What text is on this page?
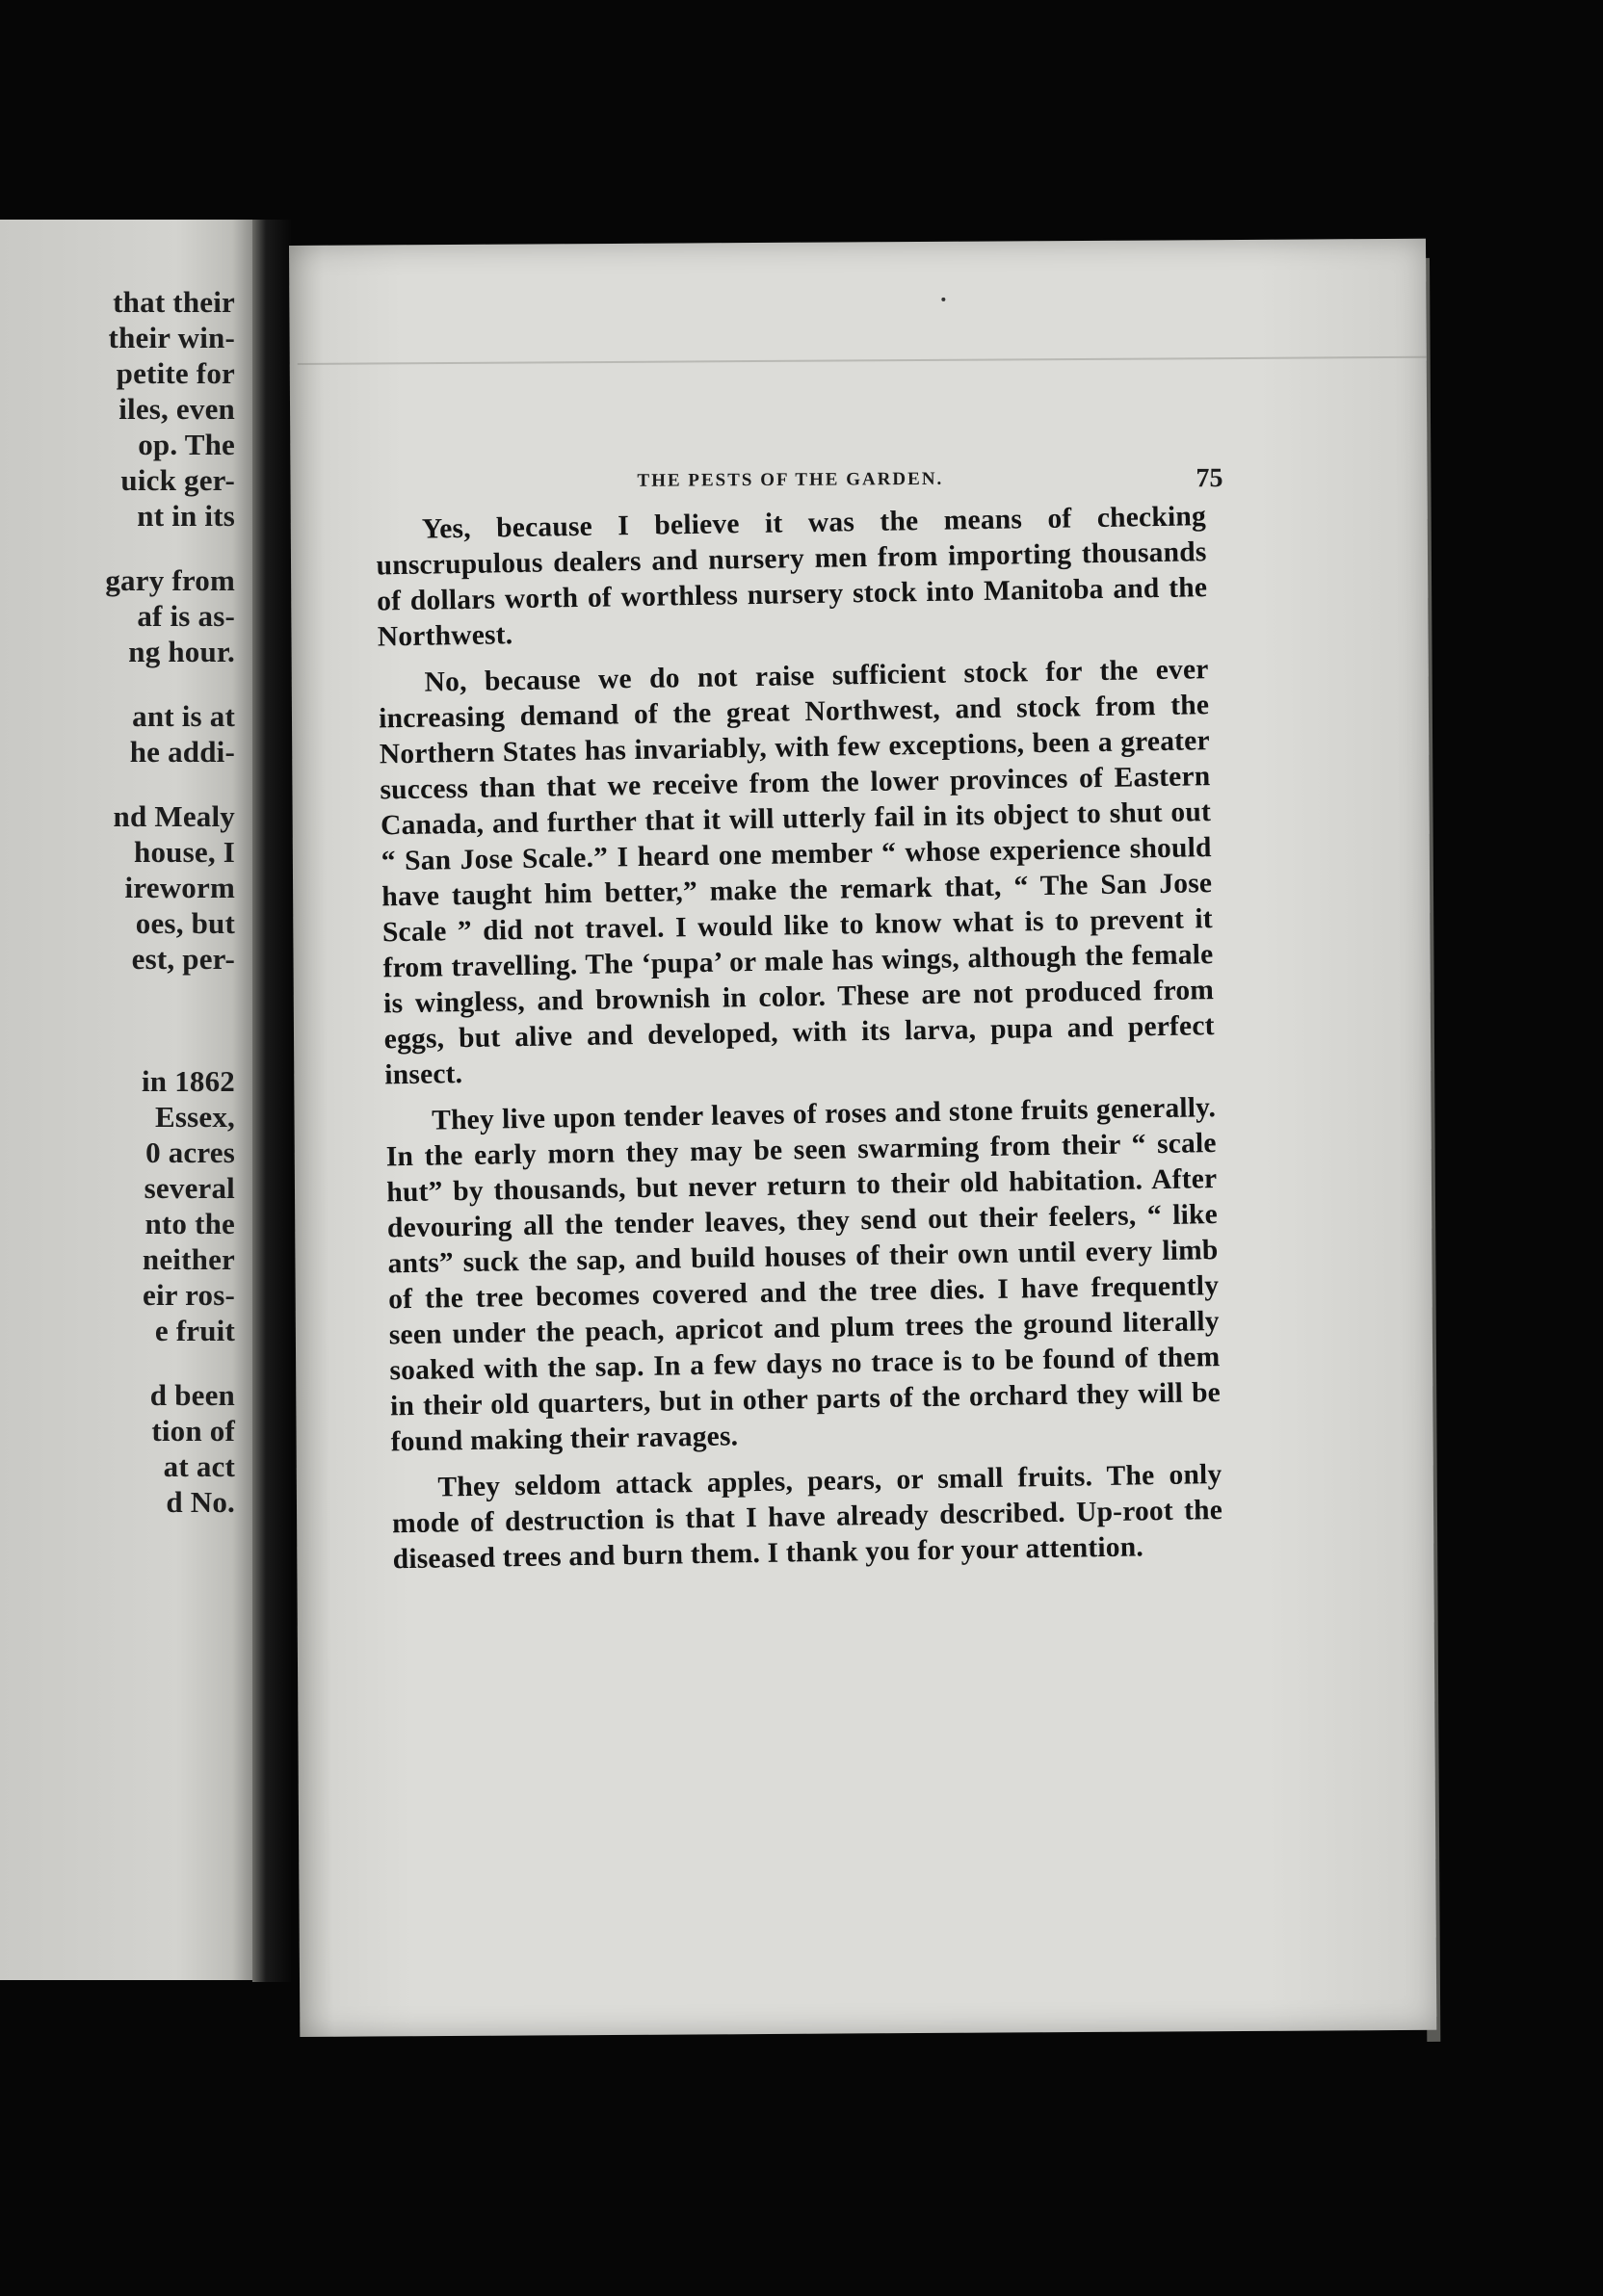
that their
their win-
petite for
iles, even
op. The
uick ger-
nt in its
gary from
af is as-
ng hour.
ant is at
he addi-
nd Mealy
house, I
ireworm
oes, but
est, per-
in 1862
Essex,
0 acres
several
nto the
neither
eir ros-
e fruit
d been
tion of
at act
d No.
THE PESTS OF THE GARDEN.	75

Yes, because I believe it was the means of checking unscrupulous dealers and nursery men from importing thousands of dollars worth of worthless nursery stock into Manitoba and the Northwest.

No, because we do not raise sufficient stock for the ever increasing demand of the great Northwest, and stock from the Northern States has invariably, with few exceptions, been a greater success than that we receive from the lower provinces of Eastern Canada, and further that it will utterly fail in its object to shut out “ San Jose Scale.” I heard one member “ whose experience should have taught him better,” make the remark that, “ The San Jose Scale ” did not travel. I would like to know what is to prevent it from travelling. The ‘pupa’ or male has wings, although the female is wingless, and brownish in color. These are not produced from eggs, but alive and developed, with its larva, pupa and perfect insect.

They live upon tender leaves of roses and stone fruits generally. In the early morn they may be seen swarming from their “ scale hut” by thousands, but never return to their old habitation. After devouring all the tender leaves, they send out their feelers, “ like ants” suck the sap, and build houses of their own until every limb of the tree becomes covered and the tree dies. I have frequently seen under the peach, apricot and plum trees the ground literally soaked with the sap. In a few days no trace is to be found of them in their old quarters, but in other parts of the orchard they will be found making their ravages.

They seldom attack apples, pears, or small fruits. The only mode of destruction is that I have already described. Up-root the diseased trees and burn them. I thank you for your attention.
